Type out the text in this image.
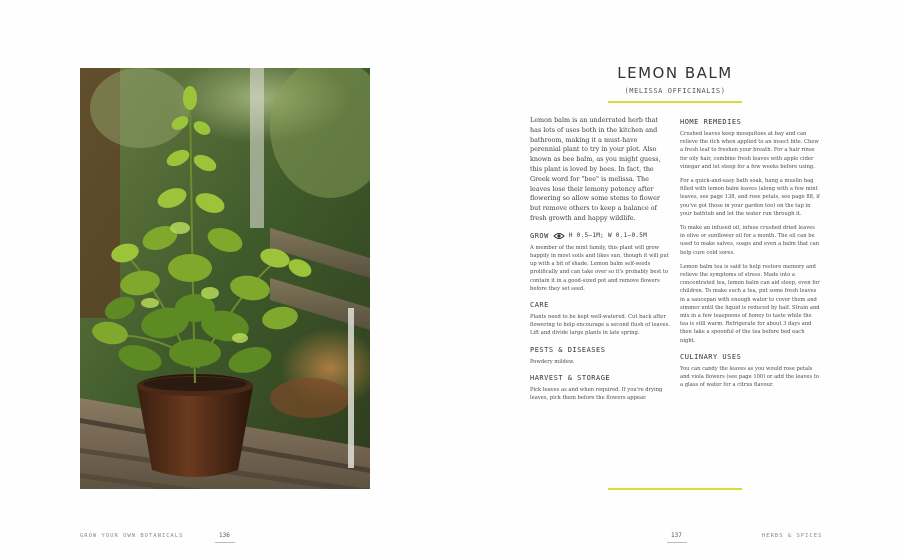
LEMON BALM
(MELISSA OFFICINALIS)

Lemon balm is an underrated herb that has lots of uses both in the kitchen and bathroom, making it a must-have perennial plant to try in your plot. Also known as bee balm, as you might guess, this plant is loved by bees. In fact, the Greek word for "bee" is melissa. The leaves lose their lemony potency after flowering so allow some stems to flower but remove others to keep a balance of fresh growth and happy wildlife.

GROW	H 0.5–1M; W 0.1–0.5M

A member of the mint family, this plant will grow happily in most soils and likes sun, though it will put up with a bit of shade. Lemon balm self-seeds prolifically and can take over so it's probably best to contain it in a good-sized pot and remove flowers before they set seed.

CARE

Plants need to be kept well-watered. Cut back after flowering to help encourage a second flush of leaves. Lift and divide large plants in late spring.

PESTS & DISEASES

Powdery mildew.

HARVEST & STORAGE

Pick leaves as and when required. If you're drying leaves, pick them before the flowers appear.

HOME REMEDIES

Crushed leaves keep mosquitoes at bay and can relieve the itch when applied to an insect bite. Chew a fresh leaf to freshen your breath. For a hair rinse for oily hair, combine fresh leaves with apple cider vinegar and let steep for a few weeks before using.

For a quick-and-easy bath soak, hang a muslin bag filled with lemon balm leaves (along with a few mint leaves, see page 138, and rose petals, see page 88, if you've got those in your garden too) on the tap in your bathtub and let the water run through it.

To make an infused oil, infuse crushed dried leaves in olive or sunflower oil for a month. The oil can be used to make salves, soaps and even a balm that can help cure cold sores.

Lemon balm tea is said to help restore memory and relieve the symptoms of stress. Made into a concentrated tea, lemon balm can aid sleep, even for children. To make such a tea, put some fresh leaves in a saucepan with enough water to cover them and simmer until the liquid is reduced by half. Strain and mix in a few teaspoons of honey to taste while the tea is still warm. Refrigerate for about 3 days and then take a spoonful of the tea before bed each night.

CULINARY USES

You can candy the leaves as you would rose petals and viola flowers (see page 100) or add the leaves to a glass of water for a citrus flavour.

GROW YOUR OWN BOTANICALS	136	137	HERBS & SPICES
